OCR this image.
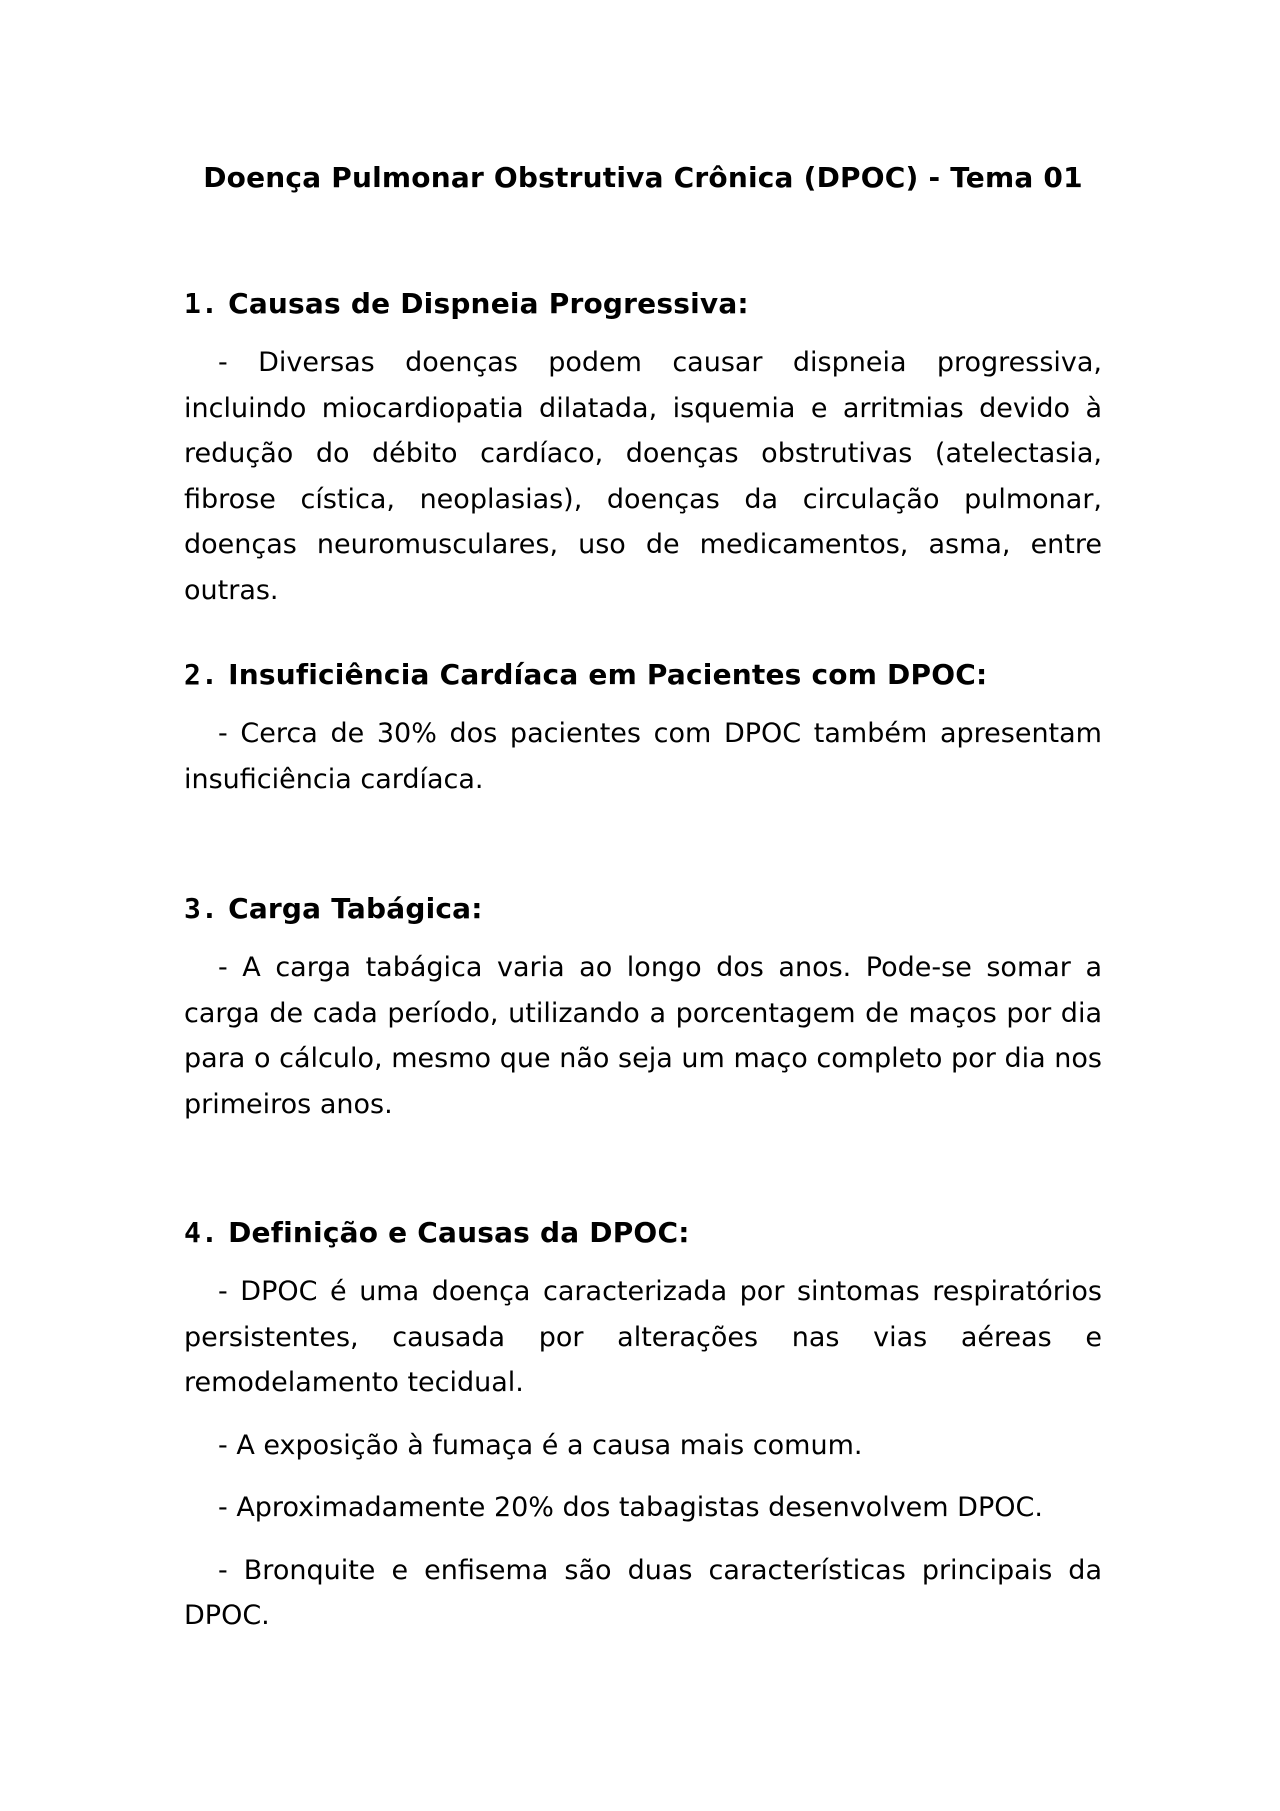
Doença Pulmonar Obstrutiva Crônica (DPOC) - Tema 01
1. Causas de Dispneia Progressiva:

- Diversas doenças podem causar dispneia progressiva, incluindo miocardiopatia dilatada, isquemia e arritmias devido à redução do débito cardíaco, doenças obstrutivas (atelectasia, fibrose cística, neoplasias), doenças da circulação pulmonar, doenças neuromusculares, uso de medicamentos, asma, entre outras.

2. Insuficiência Cardíaca em Pacientes com DPOC:

- Cerca de 30% dos pacientes com DPOC também apresentam insuficiência cardíaca.

3. Carga Tabágica:

- A carga tabágica varia ao longo dos anos. Pode-se somar a carga de cada período, utilizando a porcentagem de maços por dia para o cálculo, mesmo que não seja um maço completo por dia nos primeiros anos.

4. Definição e Causas da DPOC:

- DPOC é uma doença caracterizada por sintomas respiratórios persistentes, causada por alterações nas vias aéreas e remodelamento tecidual.

- A exposição à fumaça é a causa mais comum.

- Aproximadamente 20% dos tabagistas desenvolvem DPOC.

- Bronquite e enfisema são duas características principais da DPOC.
